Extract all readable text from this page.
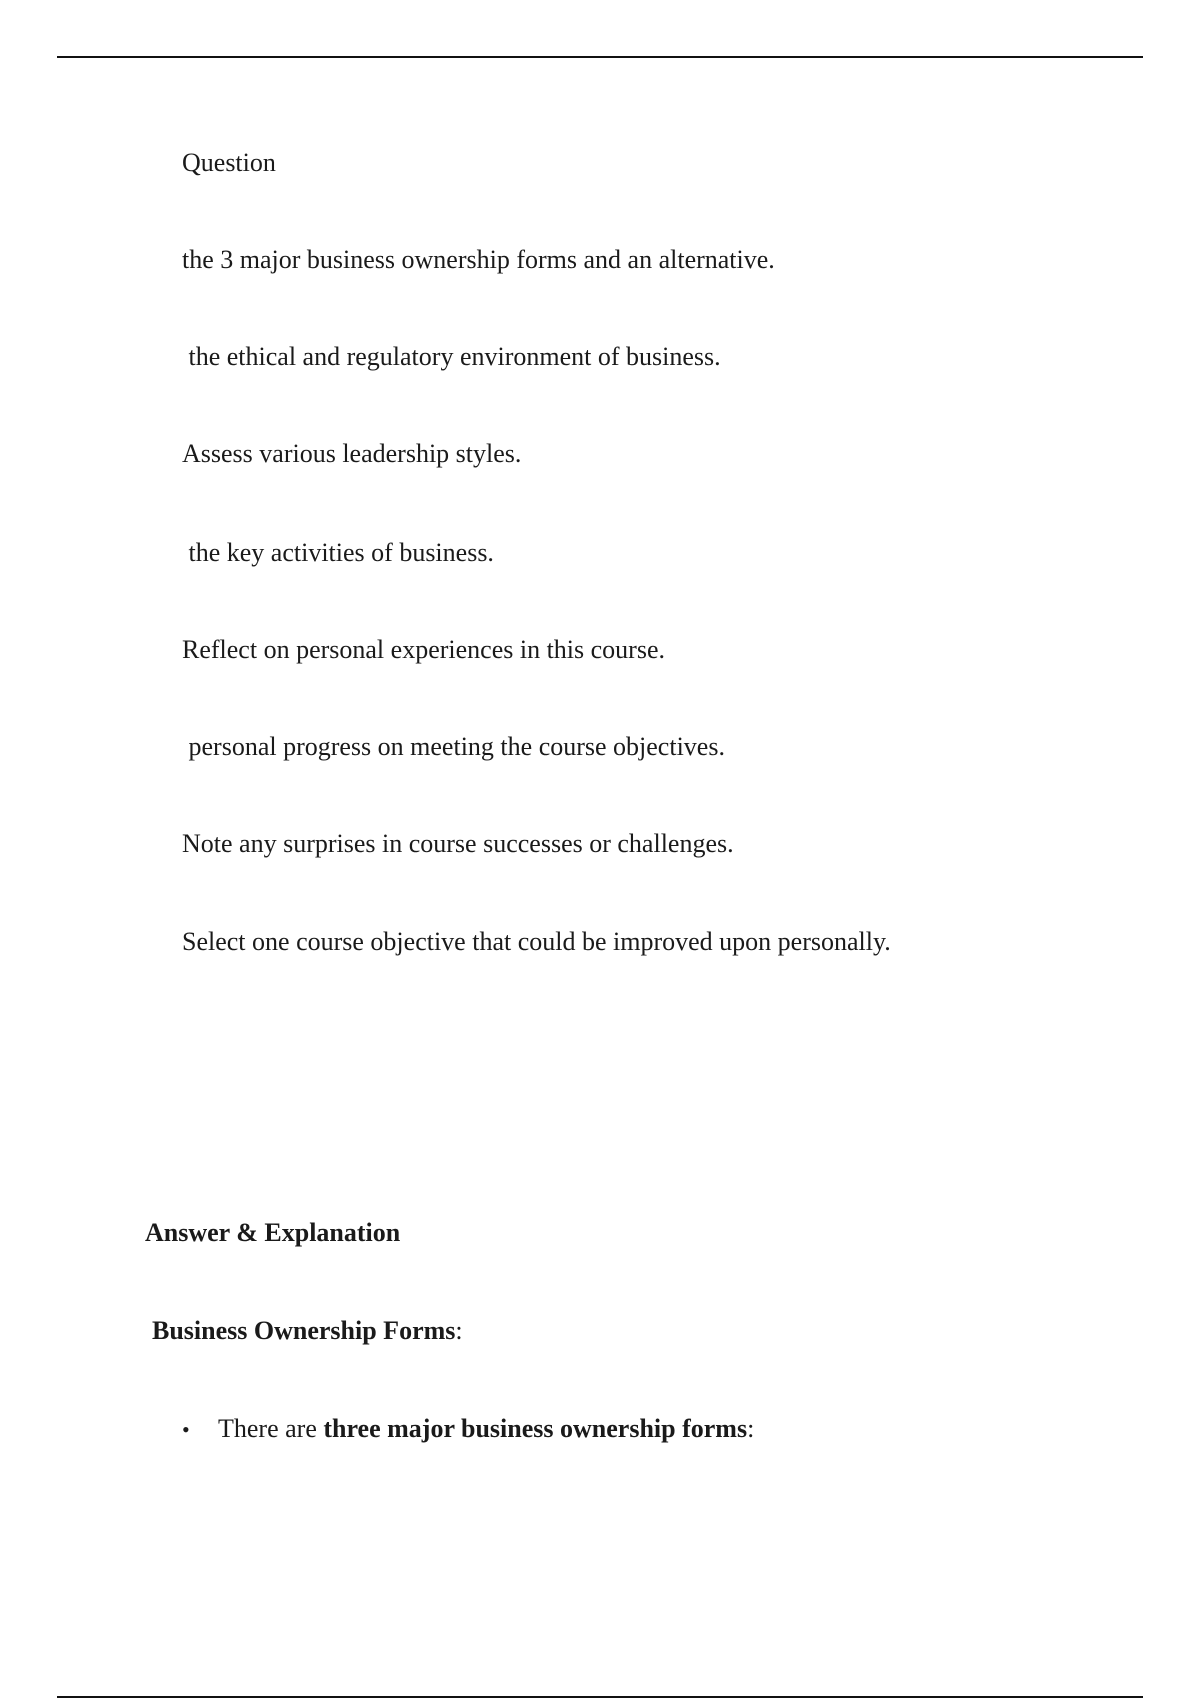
Question
the 3 major business ownership forms and an alternative.
the ethical and regulatory environment of business.
Assess various leadership styles.
the key activities of business.
Reflect on personal experiences in this course.
personal progress on meeting the course objectives.
Note any surprises in course successes or challenges.
Select one course objective that could be improved upon personally.
Answer & Explanation
Business Ownership Forms:
• There are three major business ownership forms:
